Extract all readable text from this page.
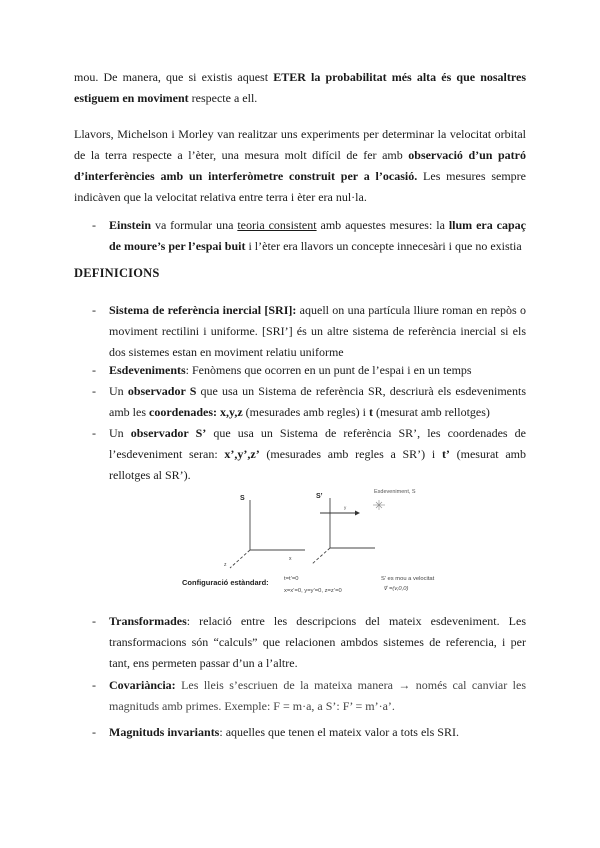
mou. De manera, que si existis aquest ETER la probabilitat més alta és que nosaltres
estiguem en moviment respecte a ell.
Llavors, Michelson i Morley van realitzar uns experiments per determinar la velocitat orbital
de la terra respecte a l’èter, una mesura molt difícil de fer amb observació d’un patró
d’interferències amb un interferòmetre construit per a l’ocasió. Les mesures sempre
indicàven que la velocitat relativa entre terra i èter era nul·la.
-	Einstein va formular una teoria consistent amb aquestes mesures: la llum era capaç
de moure’s per l’espai buit i l’èter era llavors un concepte innecesàri i que no existia
DEFINICIONS
-	Sistema de referència inercial [SRI]: aquell on una partícula lliure roman en repòs o
moviment rectilini i uniforme. [SRI’] és un altre sistema de referència inercial si els
dos sistemes estan en moviment relatiu uniforme
-	Esdeveniments: Fenòmens que ocorren en un punt de l’espai i en un temps
-	Un observador S que usa un Sistema de referència SR, descriurà els esdeveniments
amb les coordenades: x,y,z (mesurades amb regles) i t (mesurat amb rellotges)
-	Un observador S’ que usa un Sistema de referència SR’, les coordenades de
l’esdeveniment seran: x’,y’,z’ (mesurades amb regles a SR’) i t’ (mesurat amb
rellotges al SR’).
S
x
z
S’
y
Esdeveniment, S
Configuració estàndard:	t=t’=0
x=x’=0, y=y’=0, z=z’=0
S’ es mou a velocitat
v⃗ =(v,0,0)
-	Transformades: relació entre les descripcions del mateix esdeveniment. Les
transformacions són “calculs” que relacionen ambdos sistemes de referencia, i per
tant, ens permeten passar d’un a l’altre.
-	Covariància: Les lleis s’escriuen de la mateixa manera → només cal canviar les
magnituds amb primes. Exemple: F = m·a, a S’: F’ = m’·a’.
-	Magnituds invariants: aquelles que tenen el mateix valor a tots els SRI.
